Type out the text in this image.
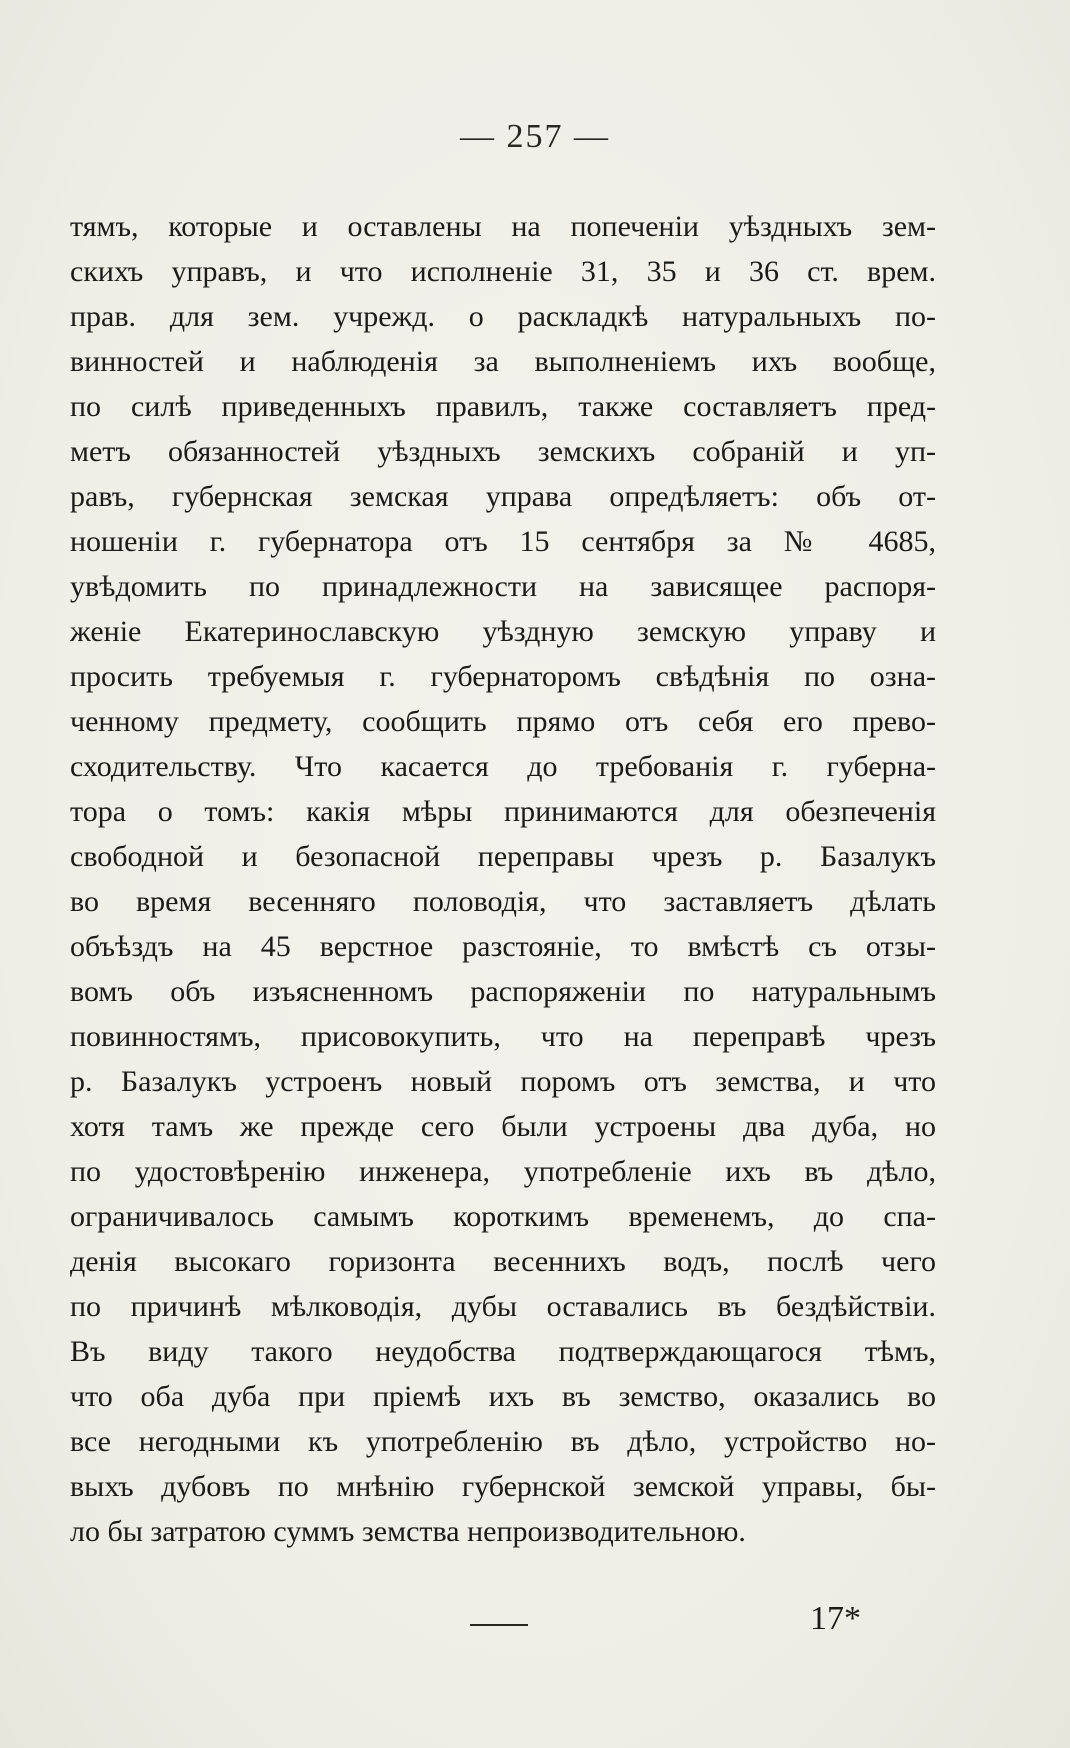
— 257 —
тямъ, которые и оставлены на попеченіи уѣздныхъ зем-
скихъ управъ, и что исполненіе 31, 35 и 36 ст. врем.
прав. для зем. учрежд. о раскладкѣ натуральныхъ по-
винностей и наблюденія за выполненіемъ ихъ вообще,
по силѣ приведенныхъ правилъ, также составляетъ пред-
метъ обязанностей уѣздныхъ земскихъ собраній и уп-
равъ, губернская земская управа опредѣляетъ: объ от-
ношеніи г. губернатора отъ 15 сентября за № 4685,
увѣдомить по принадлежности на зависящее распоря-
женіе Екатеринославскую уѣздную земскую управу и
просить требуемыя г. губернаторомъ свѣдѣнія по озна-
ченному предмету, сообщить прямо отъ себя его прево-
сходительству. Что касается до требованія г. губерна-
тора о томъ: какія мѣры принимаются для обезпеченія
свободной и безопасной переправы чрезъ р. Базалукъ
во время весенняго половодія, что заставляетъ дѣлать
объѣздъ на 45 верстное разстояніе, то вмѣстѣ съ отзы-
вомъ объ изъясненномъ распоряженіи по натуральнымъ
повинностямъ, присовокупить, что на переправѣ чрезъ
р. Базалукъ устроенъ новый поромъ отъ земства, и что
хотя тамъ же прежде сего были устроены два дуба, но
по удостовѣренію инженера, употребленіе ихъ въ дѣло,
ограничивалось самымъ короткимъ временемъ, до спа-
денія высокаго горизонта весеннихъ водъ, послѣ чего
по причинѣ мѣлководія, дубы оставались въ бездѣйствіи.
Въ виду такого неудобства подтверждающагося тѣмъ,
что оба дуба при пріемѣ ихъ въ земство, оказались во
все негодными къ употребленію въ дѣло, устройство но-
выхъ дубовъ по мнѣнію губернской земской управы, бы-
ло бы затратою суммъ земства непроизводительною.
17*
